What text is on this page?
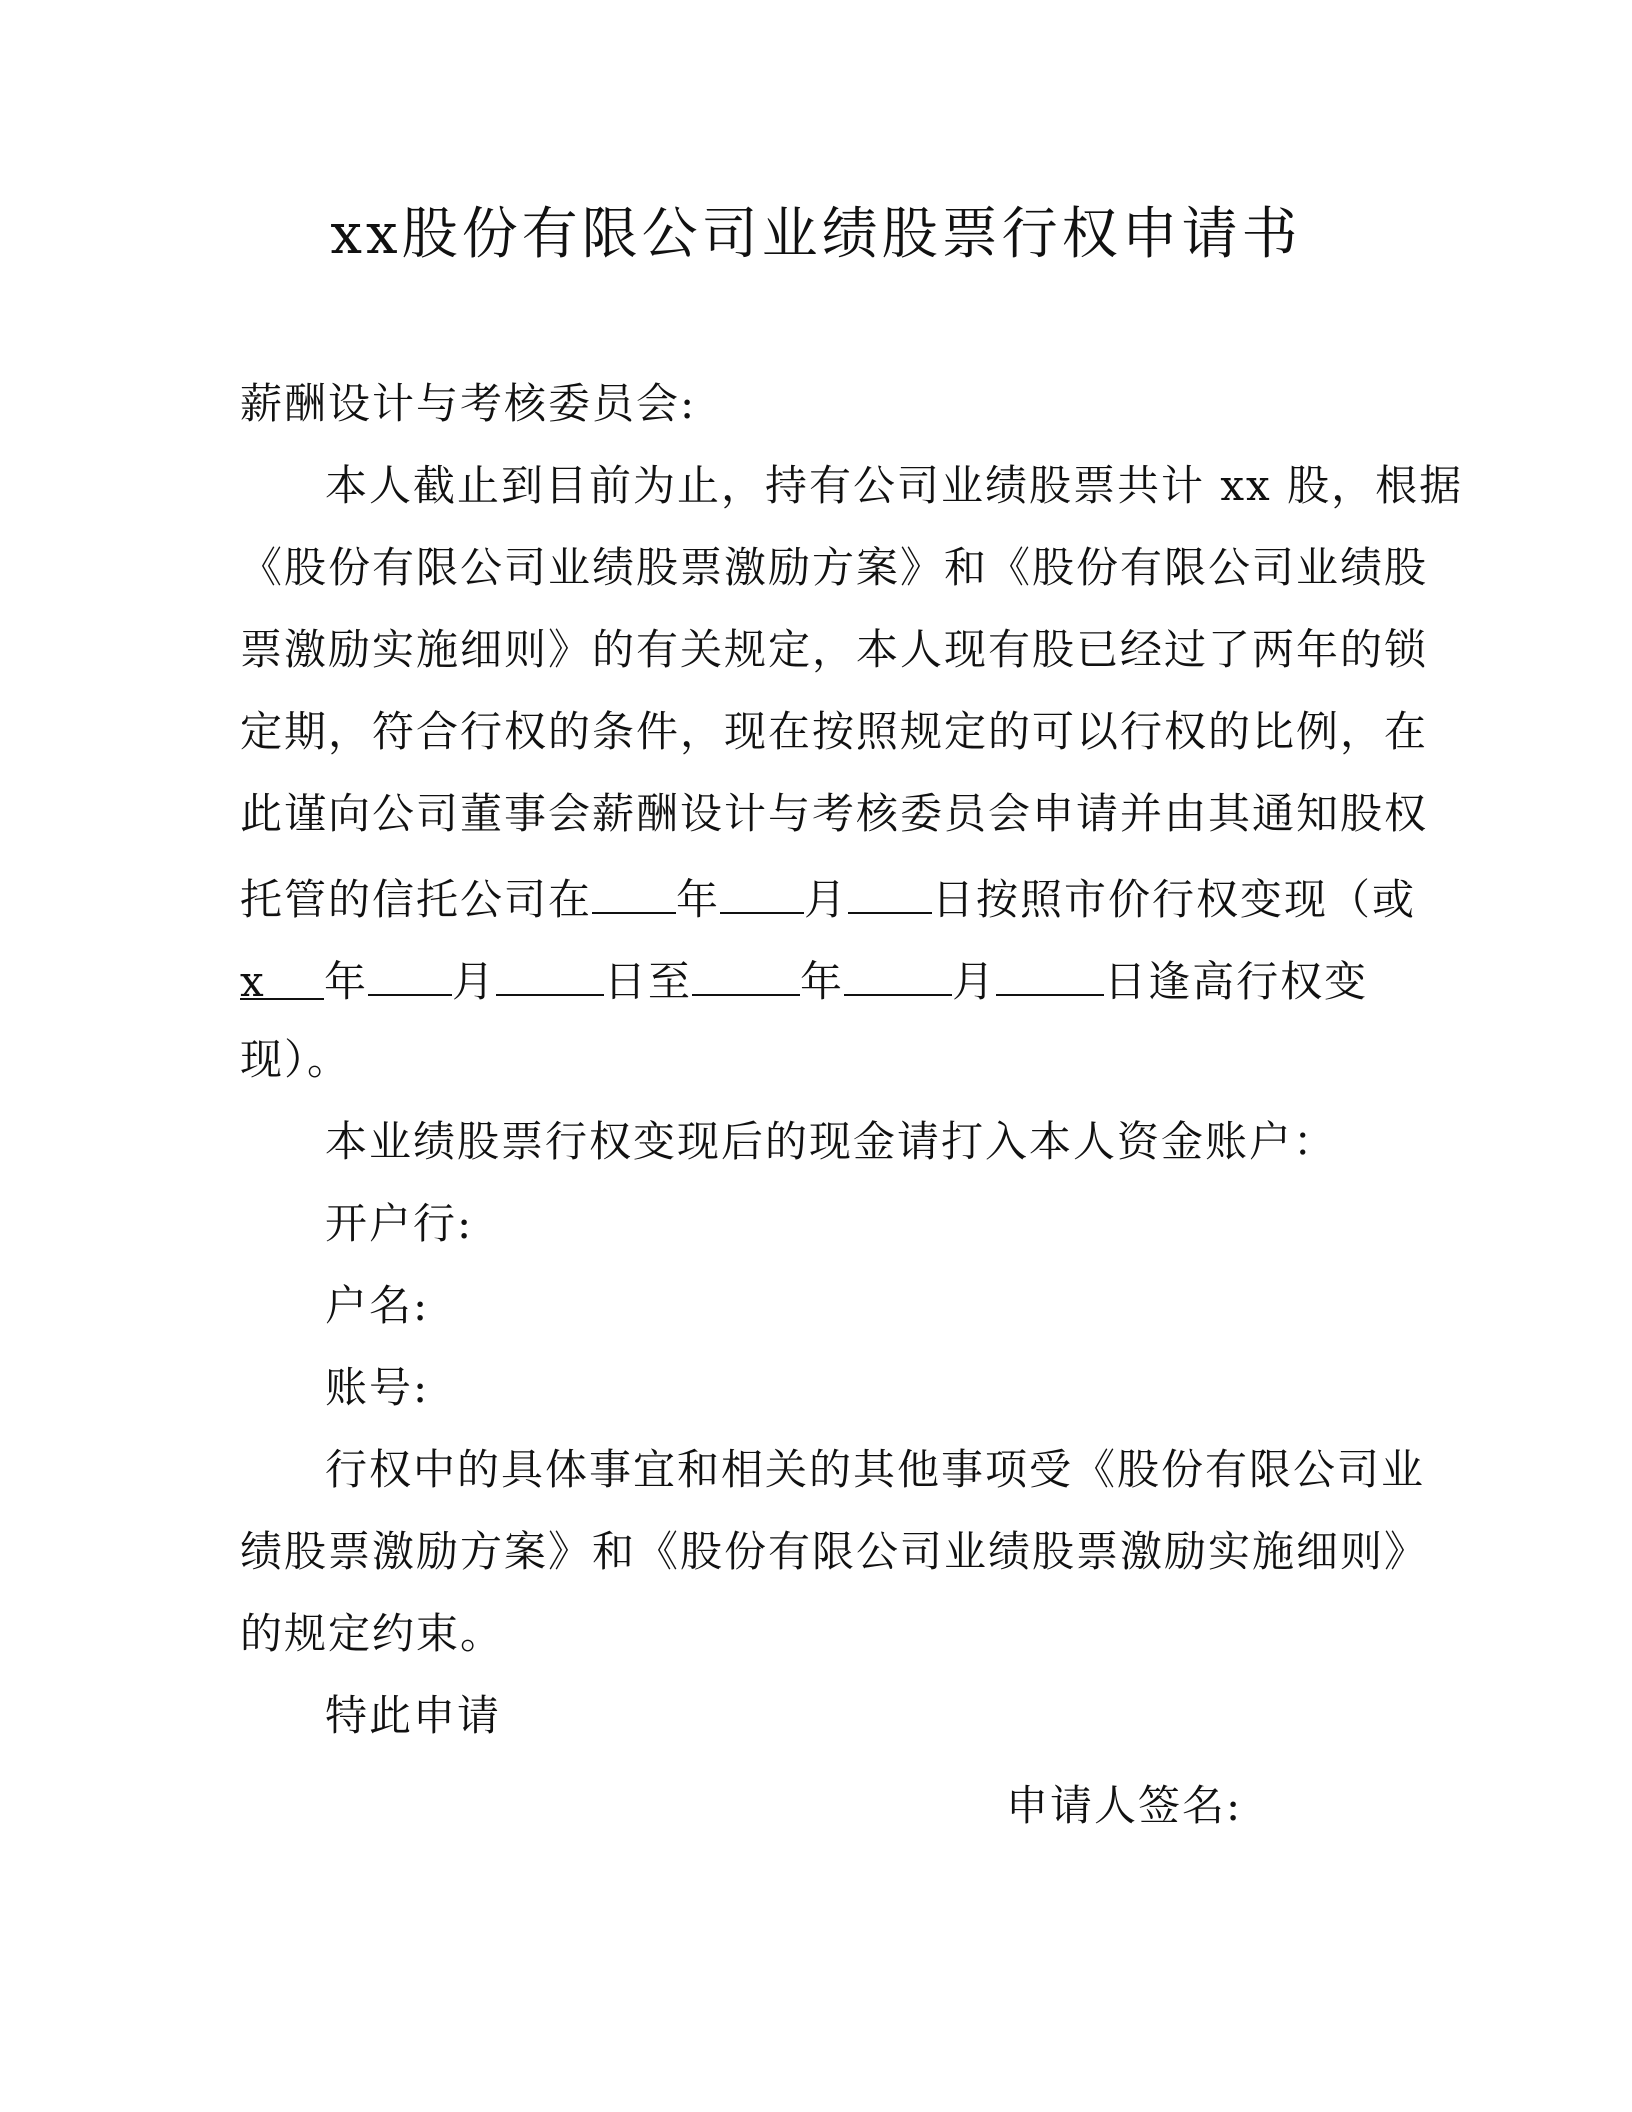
xx股份有限公司业绩股票行权申请书
薪酬设计与考核委员会:
本人截止到目前为止，持有公司业绩股票共计 xx 股，根据
《股份有限公司业绩股票激励方案》和《股份有限公司业绩股
票激励实施细则》的有关规定，本人现有股已经过了两年的锁
定期，符合行权的条件，现在按照规定的可以行权的比例，在
此谨向公司董事会薪酬设计与考核委员会申请并由其通知股权
托管的信托公司在 年 月 日按照市价行权变现（或
x 年 月	日至	年	月	日逢高行权变
现）。
本业绩股票行权变现后的现金请打入本人资金账户：
开户行:
户名:
账号:
行权中的具体事宜和相关的其他事项受《股份有限公司业
绩股票激励方案》和《股份有限公司业绩股票激励实施细则》
的规定约束。
特此申请
申请人签名:
